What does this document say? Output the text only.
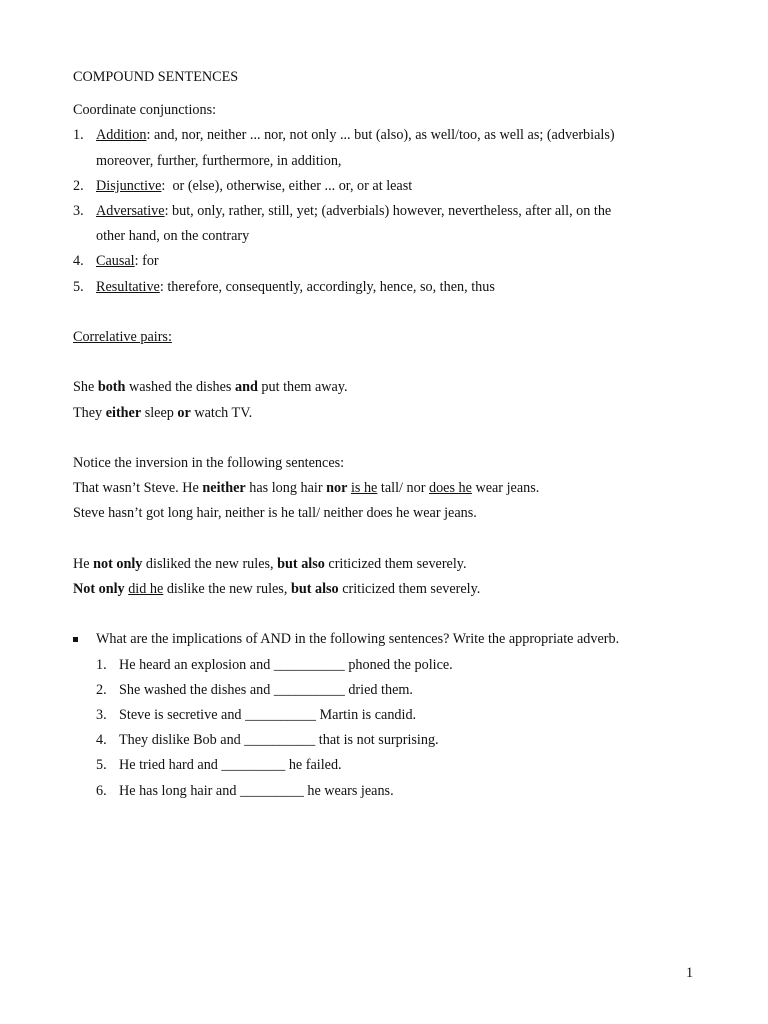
COMPOUND SENTENCES
Coordinate conjunctions:
1. Addition: and, nor, neither ... nor, not only ... but (also), as well/too, as well as; (adverbials)
moreover, further, furthermore, in addition,
2. Disjunctive:  or (else), otherwise, either ... or, or at least
3. Adversative: but, only, rather, still, yet; (adverbials) however, nevertheless, after all, on the
other hand, on the contrary
4. Causal: for
5. Resultative: therefore, consequently, accordingly, hence, so, then, thus
Correlative pairs:
She both washed the dishes and put them away.
They either sleep or watch TV.
Notice the inversion in the following sentences:
That wasn’t Steve. He neither has long hair nor is he tall/ nor does he wear jeans.
Steve hasn’t got long hair, neither is he tall/ neither does he wear jeans.
He not only disliked the new rules, but also criticized them severely.
Not only did he dislike the new rules, but also criticized them severely.
What are the implications of AND in the following sentences? Write the appropriate adverb.
1. He heard an explosion and __________ phoned the police.
2. She washed the dishes and __________ dried them.
3. Steve is secretive and __________ Martin is candid.
4. They dislike Bob and __________ that is not surprising.
5. He tried hard and _________ he failed.
6. He has long hair and _________ he wears jeans.
1
